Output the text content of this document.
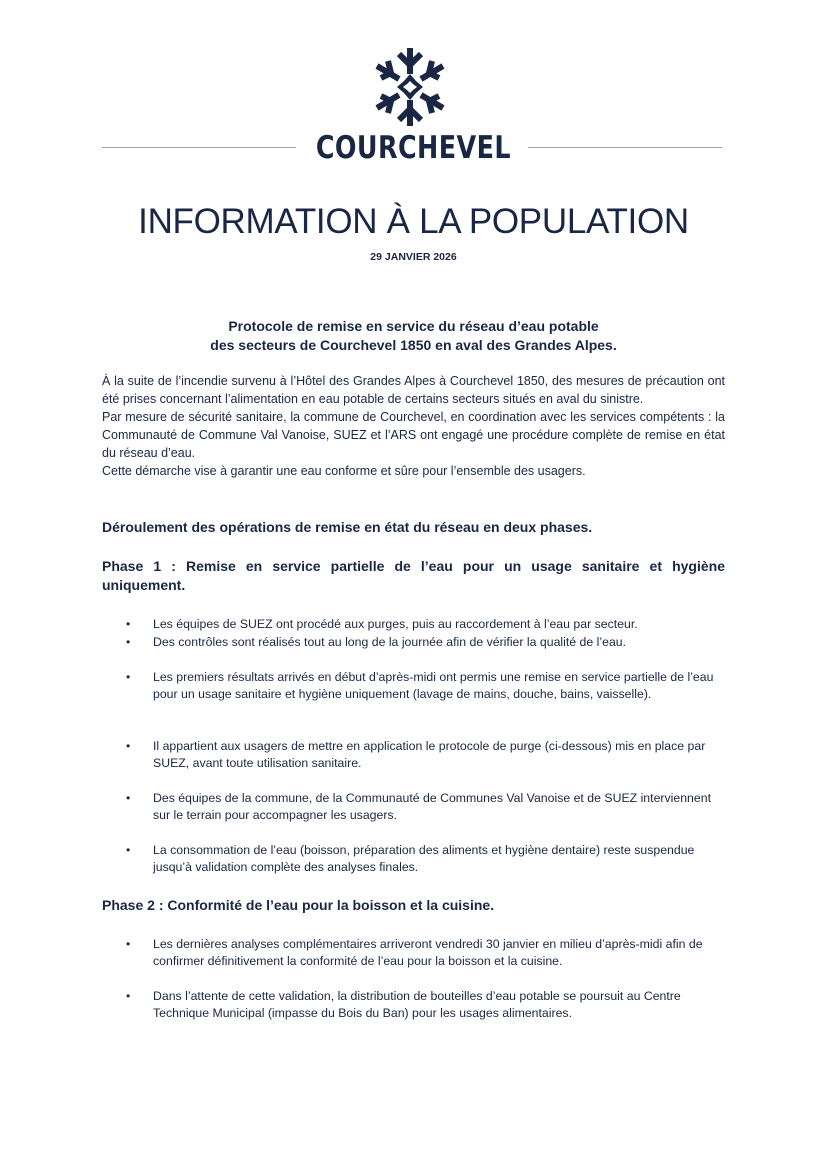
COURCHEVEL
INFORMATION À LA POPULATION
29 JANVIER 2026
Protocole de remise en service du réseau d’eau potable
des secteurs de Courchevel 1850 en aval des Grandes Alpes.

À la suite de l’incendie survenu à l’Hôtel des Grandes Alpes à Courchevel 1850, des mesures de précaution ont été prises concernant l’alimentation en eau potable de certains secteurs situés en aval du sinistre.

Par mesure de sécurité sanitaire, la commune de Courchevel, en coordination avec les services compétents : la Communauté de Commune Val Vanoise, SUEZ et l’ARS ont engagé une procédure complète de remise en état du réseau d’eau.

Cette démarche vise à garantir une eau conforme et sûre pour l’ensemble des usagers.

Déroulement des opérations de remise en état du réseau en deux phases.
Phase 1 : Remise en service partielle de l’eau pour un usage sanitaire et hygiène uniquement.
•	Les équipes de SUEZ ont procédé aux purges, puis au raccordement à l’eau par secteur.
•	Des contrôles sont réalisés tout au long de la journée afin de vérifier la qualité de l’eau.
•	Les premiers résultats arrivés en début d’après-midi ont permis une remise en service partielle de l’eau pour un usage sanitaire et hygiène uniquement (lavage de mains, douche, bains, vaisselle).
•	Il appartient aux usagers de mettre en application le protocole de purge (ci-dessous) mis en place par SUEZ, avant toute utilisation sanitaire.
•	Des équipes de la commune, de la Communauté de Communes Val Vanoise et de SUEZ interviennent sur le terrain pour accompagner les usagers.
•	La consommation de l’eau (boisson, préparation des aliments et hygiène dentaire) reste suspendue jusqu’à validation complète des analyses finales.
Phase 2 : Conformité de l’eau pour la boisson et la cuisine.
•	Les dernières analyses complémentaires arriveront vendredi 30 janvier en milieu d’après-midi afin de confirmer définitivement la conformité de l’eau pour la boisson et la cuisine.
•	Dans l’attente de cette validation, la distribution de bouteilles d’eau potable se poursuit au Centre Technique Municipal (impasse du Bois du Ban) pour les usages alimentaires.
